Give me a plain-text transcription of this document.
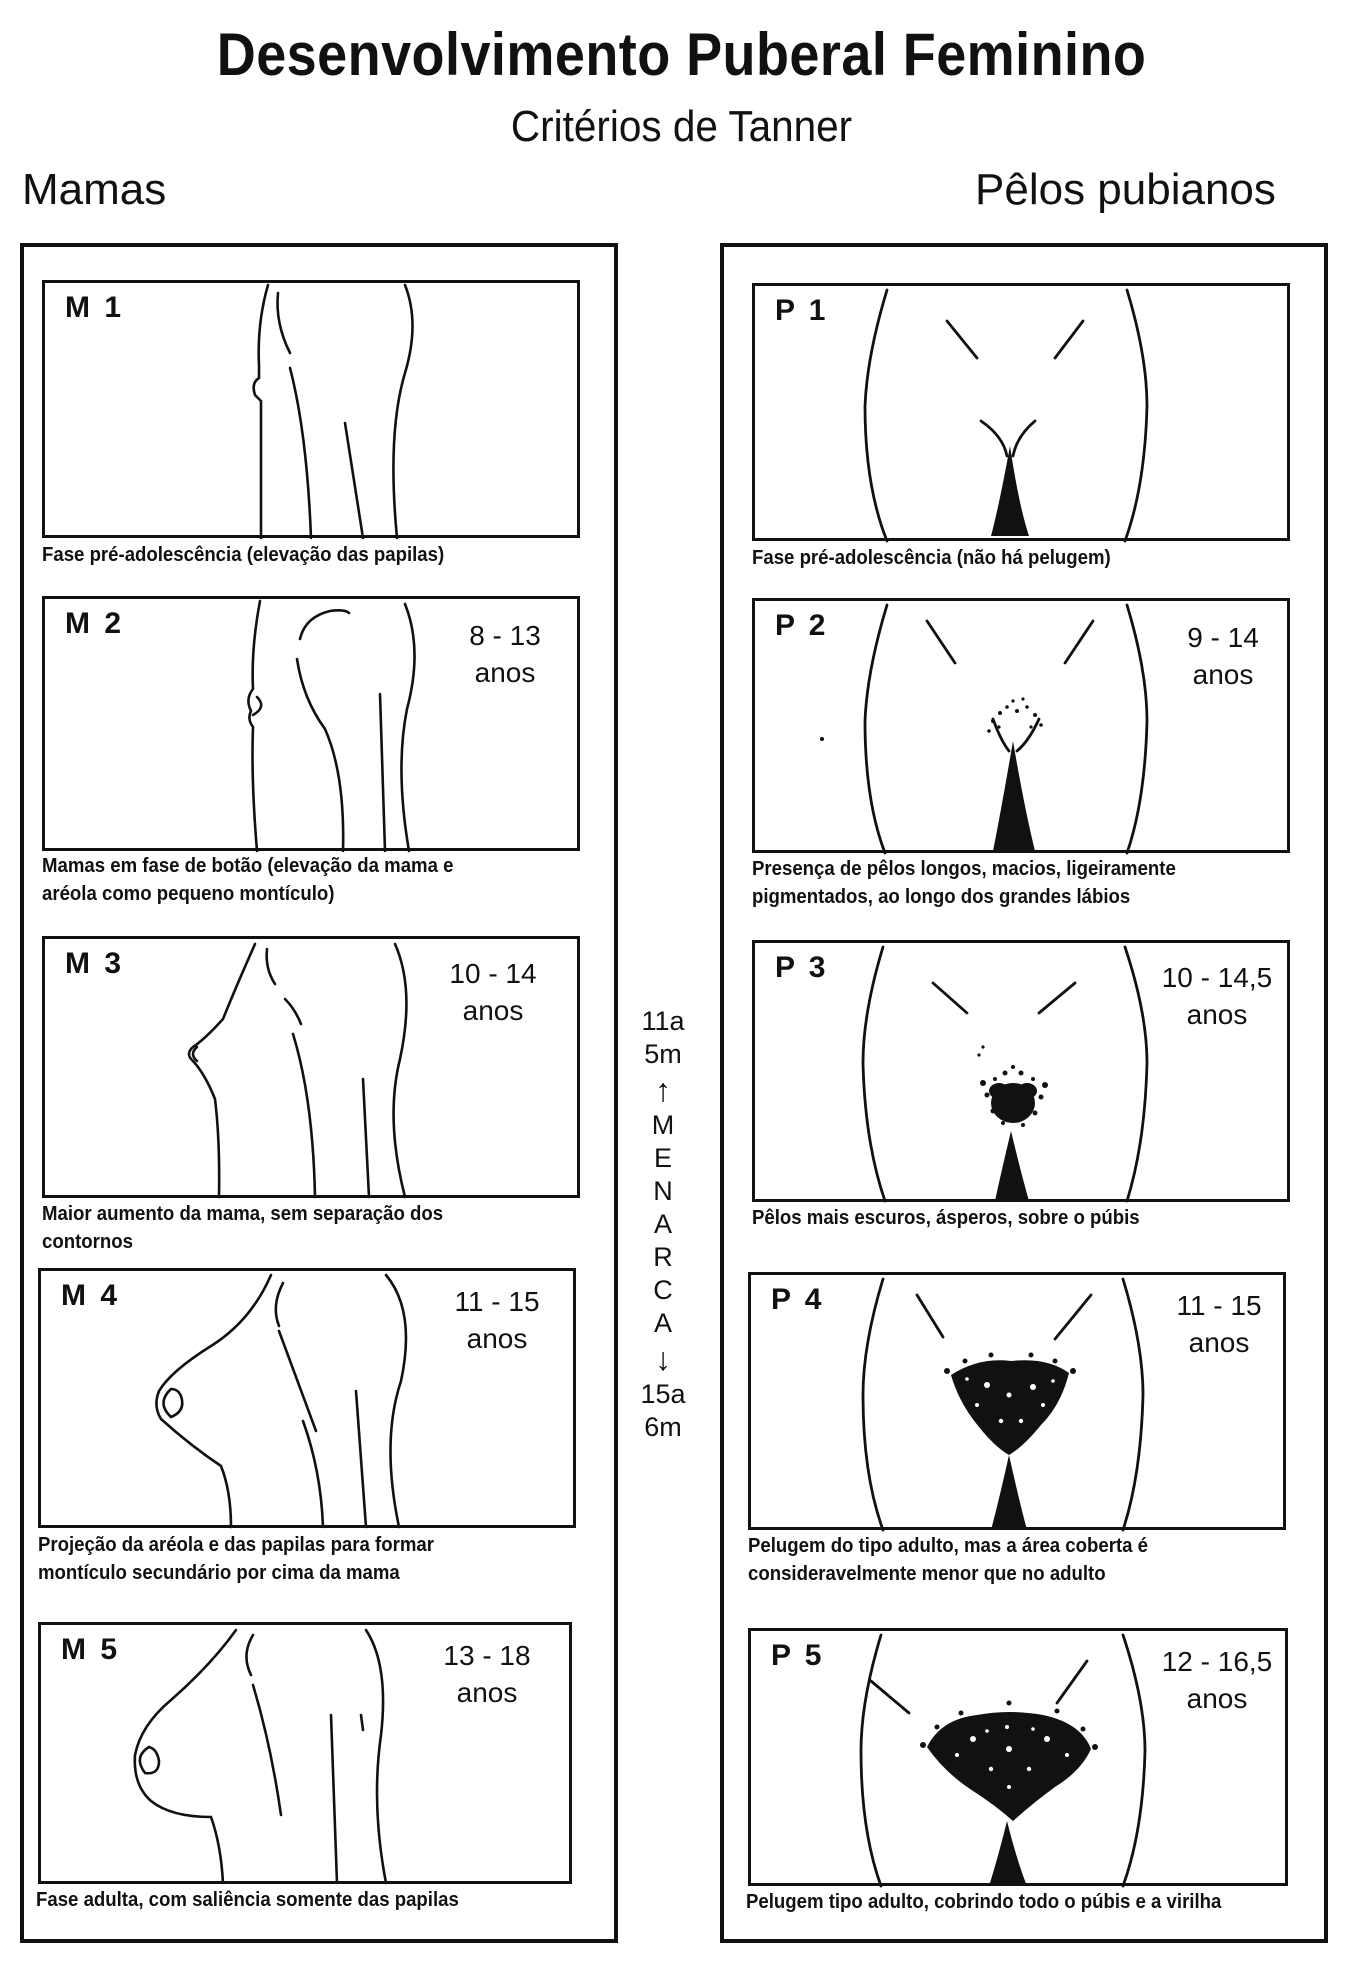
Desenvolvimento Puberal Feminino
Critérios de Tanner
Mamas	Pêlos pubianos
M 1
Fase pré-adolescência (elevação das papilas)
M 2	8 - 13
anos
Mamas em fase de botão (elevação da mama e
aréola como pequeno montículo)
M 3	10 - 14
anos
Maior aumento da mama, sem separação dos
contornos
M 4	11 - 15
anos
Projeção da aréola e das papilas para formar
montículo secundário por cima da mama
M 5	13 - 18
anos
Fase adulta, com saliência somente das papilas
11a
5m
↑
M
E
N
A
R
C
A
↓
15a
6m
P 1
Fase pré-adolescência (não há pelugem)
P 2	9 - 14
anos
Presença de pêlos longos, macios, ligeiramente
pigmentados, ao longo dos grandes lábios
P 3	10 - 14,5
anos
Pêlos mais escuros, ásperos, sobre o púbis
P 4	11 - 15
anos
Pelugem do tipo adulto, mas a área coberta é
consideravelmente menor que no adulto
P 5	12 - 16,5
anos
Pelugem tipo adulto, cobrindo todo o púbis e a virilha
